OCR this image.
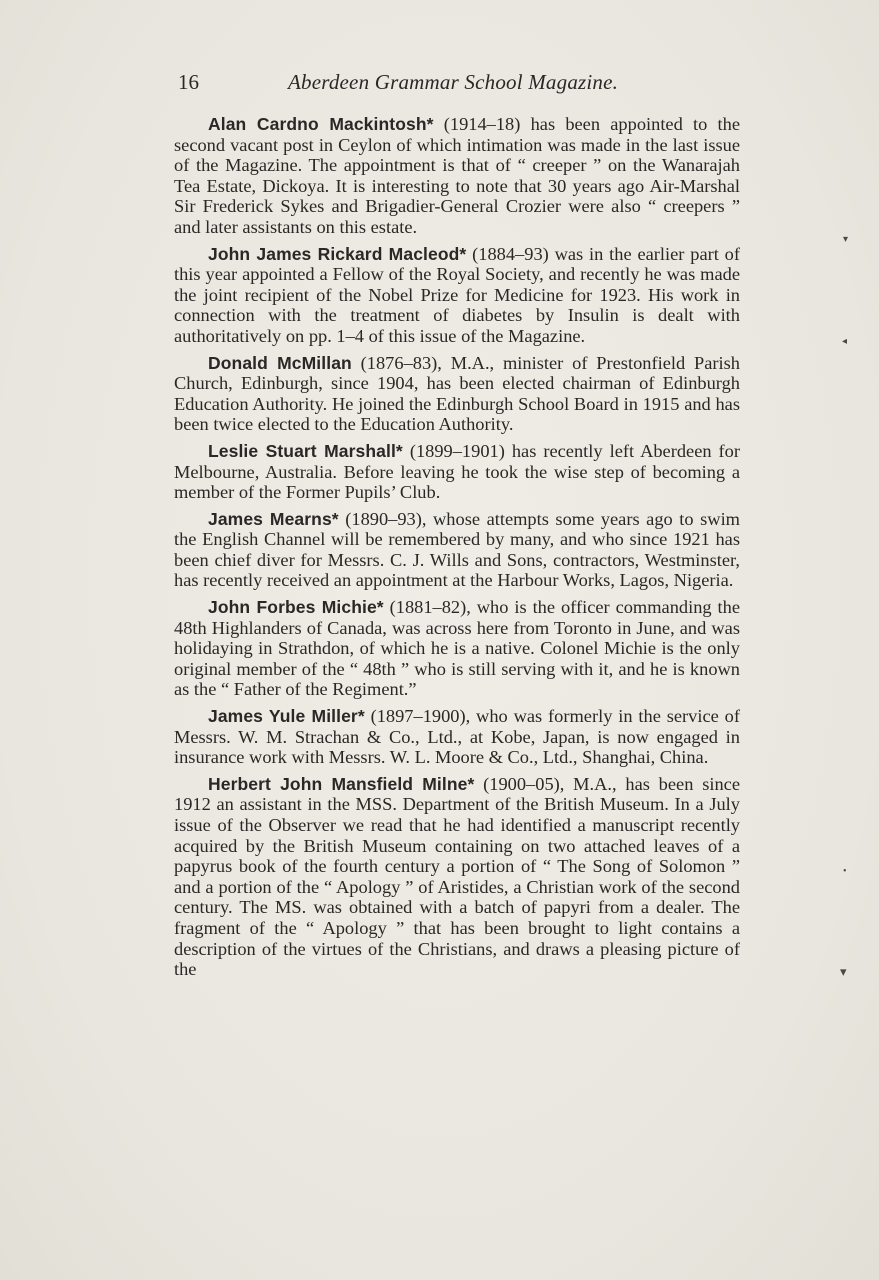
16	Aberdeen Grammar School Magazine.

Alan Cardno Mackintosh* (1914–18) has been appointed to the second vacant post in Ceylon of which intimation was made in the last issue of the Magazine. The appointment is that of “ creeper ” on the Wanarajah Tea Estate, Dickoya. It is interesting to note that 30 years ago Air-Marshal Sir Frederick Sykes and Brigadier-General Crozier were also “ creepers ” and later assistants on this estate.

John James Rickard Macleod* (1884–93) was in the earlier part of this year appointed a Fellow of the Royal Society, and recently he was made the joint recipient of the Nobel Prize for Medicine for 1923. His work in connection with the treatment of diabetes by Insulin is dealt with authoritatively on pp. 1–4 of this issue of the Magazine.

Donald McMillan (1876–83), M.A., minister of Prestonfield Parish Church, Edinburgh, since 1904, has been elected chairman of Edinburgh Education Authority. He joined the Edinburgh School Board in 1915 and has been twice elected to the Education Authority.

Leslie Stuart Marshall* (1899–1901) has recently left Aberdeen for Melbourne, Australia. Before leaving he took the wise step of becoming a member of the Former Pupils’ Club.

James Mearns* (1890–93), whose attempts some years ago to swim the English Channel will be remembered by many, and who since 1921 has been chief diver for Messrs. C. J. Wills and Sons, contractors, Westminster, has recently received an appointment at the Harbour Works, Lagos, Nigeria.

John Forbes Michie* (1881–82), who is the officer commanding the 48th Highlanders of Canada, was across here from Toronto in June, and was holidaying in Strathdon, of which he is a native. Colonel Michie is the only original member of the “ 48th ” who is still serving with it, and he is known as the “ Father of the Regiment.”

James Yule Miller* (1897–1900), who was formerly in the service of Messrs. W. M. Strachan & Co., Ltd., at Kobe, Japan, is now engaged in insurance work with Messrs. W. L. Moore & Co., Ltd., Shanghai, China.

Herbert John Mansfield Milne* (1900–05), M.A., has been since 1912 an assistant in the MSS. Department of the British Museum. In a July issue of the Observer we read that he had identified a manuscript recently acquired by the British Museum containing on two attached leaves of a papyrus book of the fourth century a portion of “ The Song of Solomon ” and a portion of the “ Apology ” of Aristides, a Christian work of the second century. The MS. was obtained with a batch of papyri from a dealer. The fragment of the “ Apology ” that has been brought to light contains a description of the virtues of the Christians, and draws a pleasing picture of the

▾
◂
•
▾
